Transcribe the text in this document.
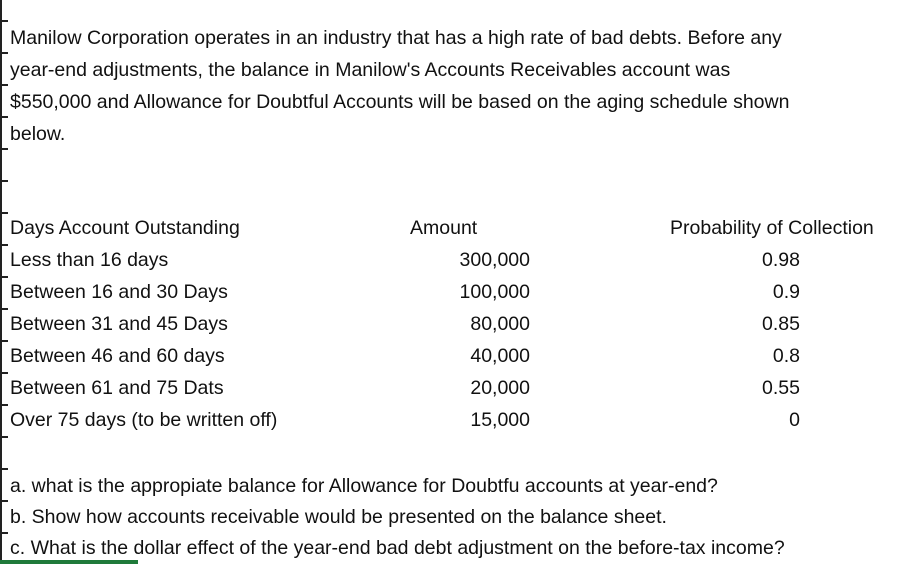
Manilow Corporation operates in an industry that has a high rate of bad debts. Before any
year-end adjustments, the balance in Manilow's Accounts Receivables account was
$550,000 and Allowance for Doubtful Accounts will be based on the aging schedule shown
below.
Days Account Outstanding	Amount	Probability of Collection
Less than 16 days	300,000	0.98
Between 16 and 30 Days	100,000	0.9
Between 31 and 45 Days	80,000	0.85
Between 46 and 60 days	40,000	0.8
Between 61 and 75 Dats	20,000	0.55
Over 75 days (to be written off)	15,000	0
a. what is the appropiate balance for Allowance for Doubtfu accounts at year-end?
b. Show how accounts receivable would be presented on the balance sheet.
c. What is the dollar effect of the year-end bad debt adjustment on the before-tax income?
